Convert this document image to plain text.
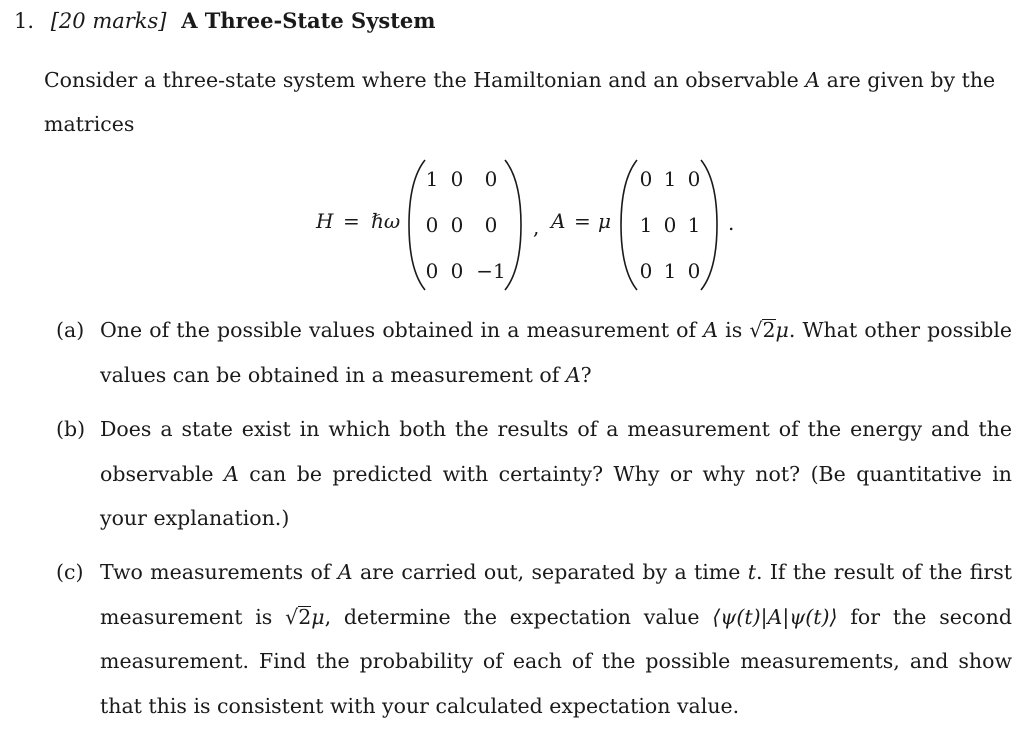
1. [20 marks] A Three-State System
Consider a three-state system where the Hamiltonian and an observable A are given by the matrices
H = ℏω
1 0 0
0 0 0
0 0 −1
, A = μ
0 1 0
1 0 1
0 1 0
.
(a) One of the possible values obtained in a measurement of A is √2μ. What other possible values can be obtained in a measurement of A?
(b) Does a state exist in which both the results of a measurement of the energy and the observable A can be predicted with certainty? Why or why not? (Be quantitative in your explanation.)
(c) Two measurements of A are carried out, separated by a time t. If the result of the first measurement is √2μ, determine the expectation value ⟨ψ(t)|A|ψ(t)⟩ for the second measurement. Find the probability of each of the possible measurements, and show that this is consistent with your calculated expectation value.
